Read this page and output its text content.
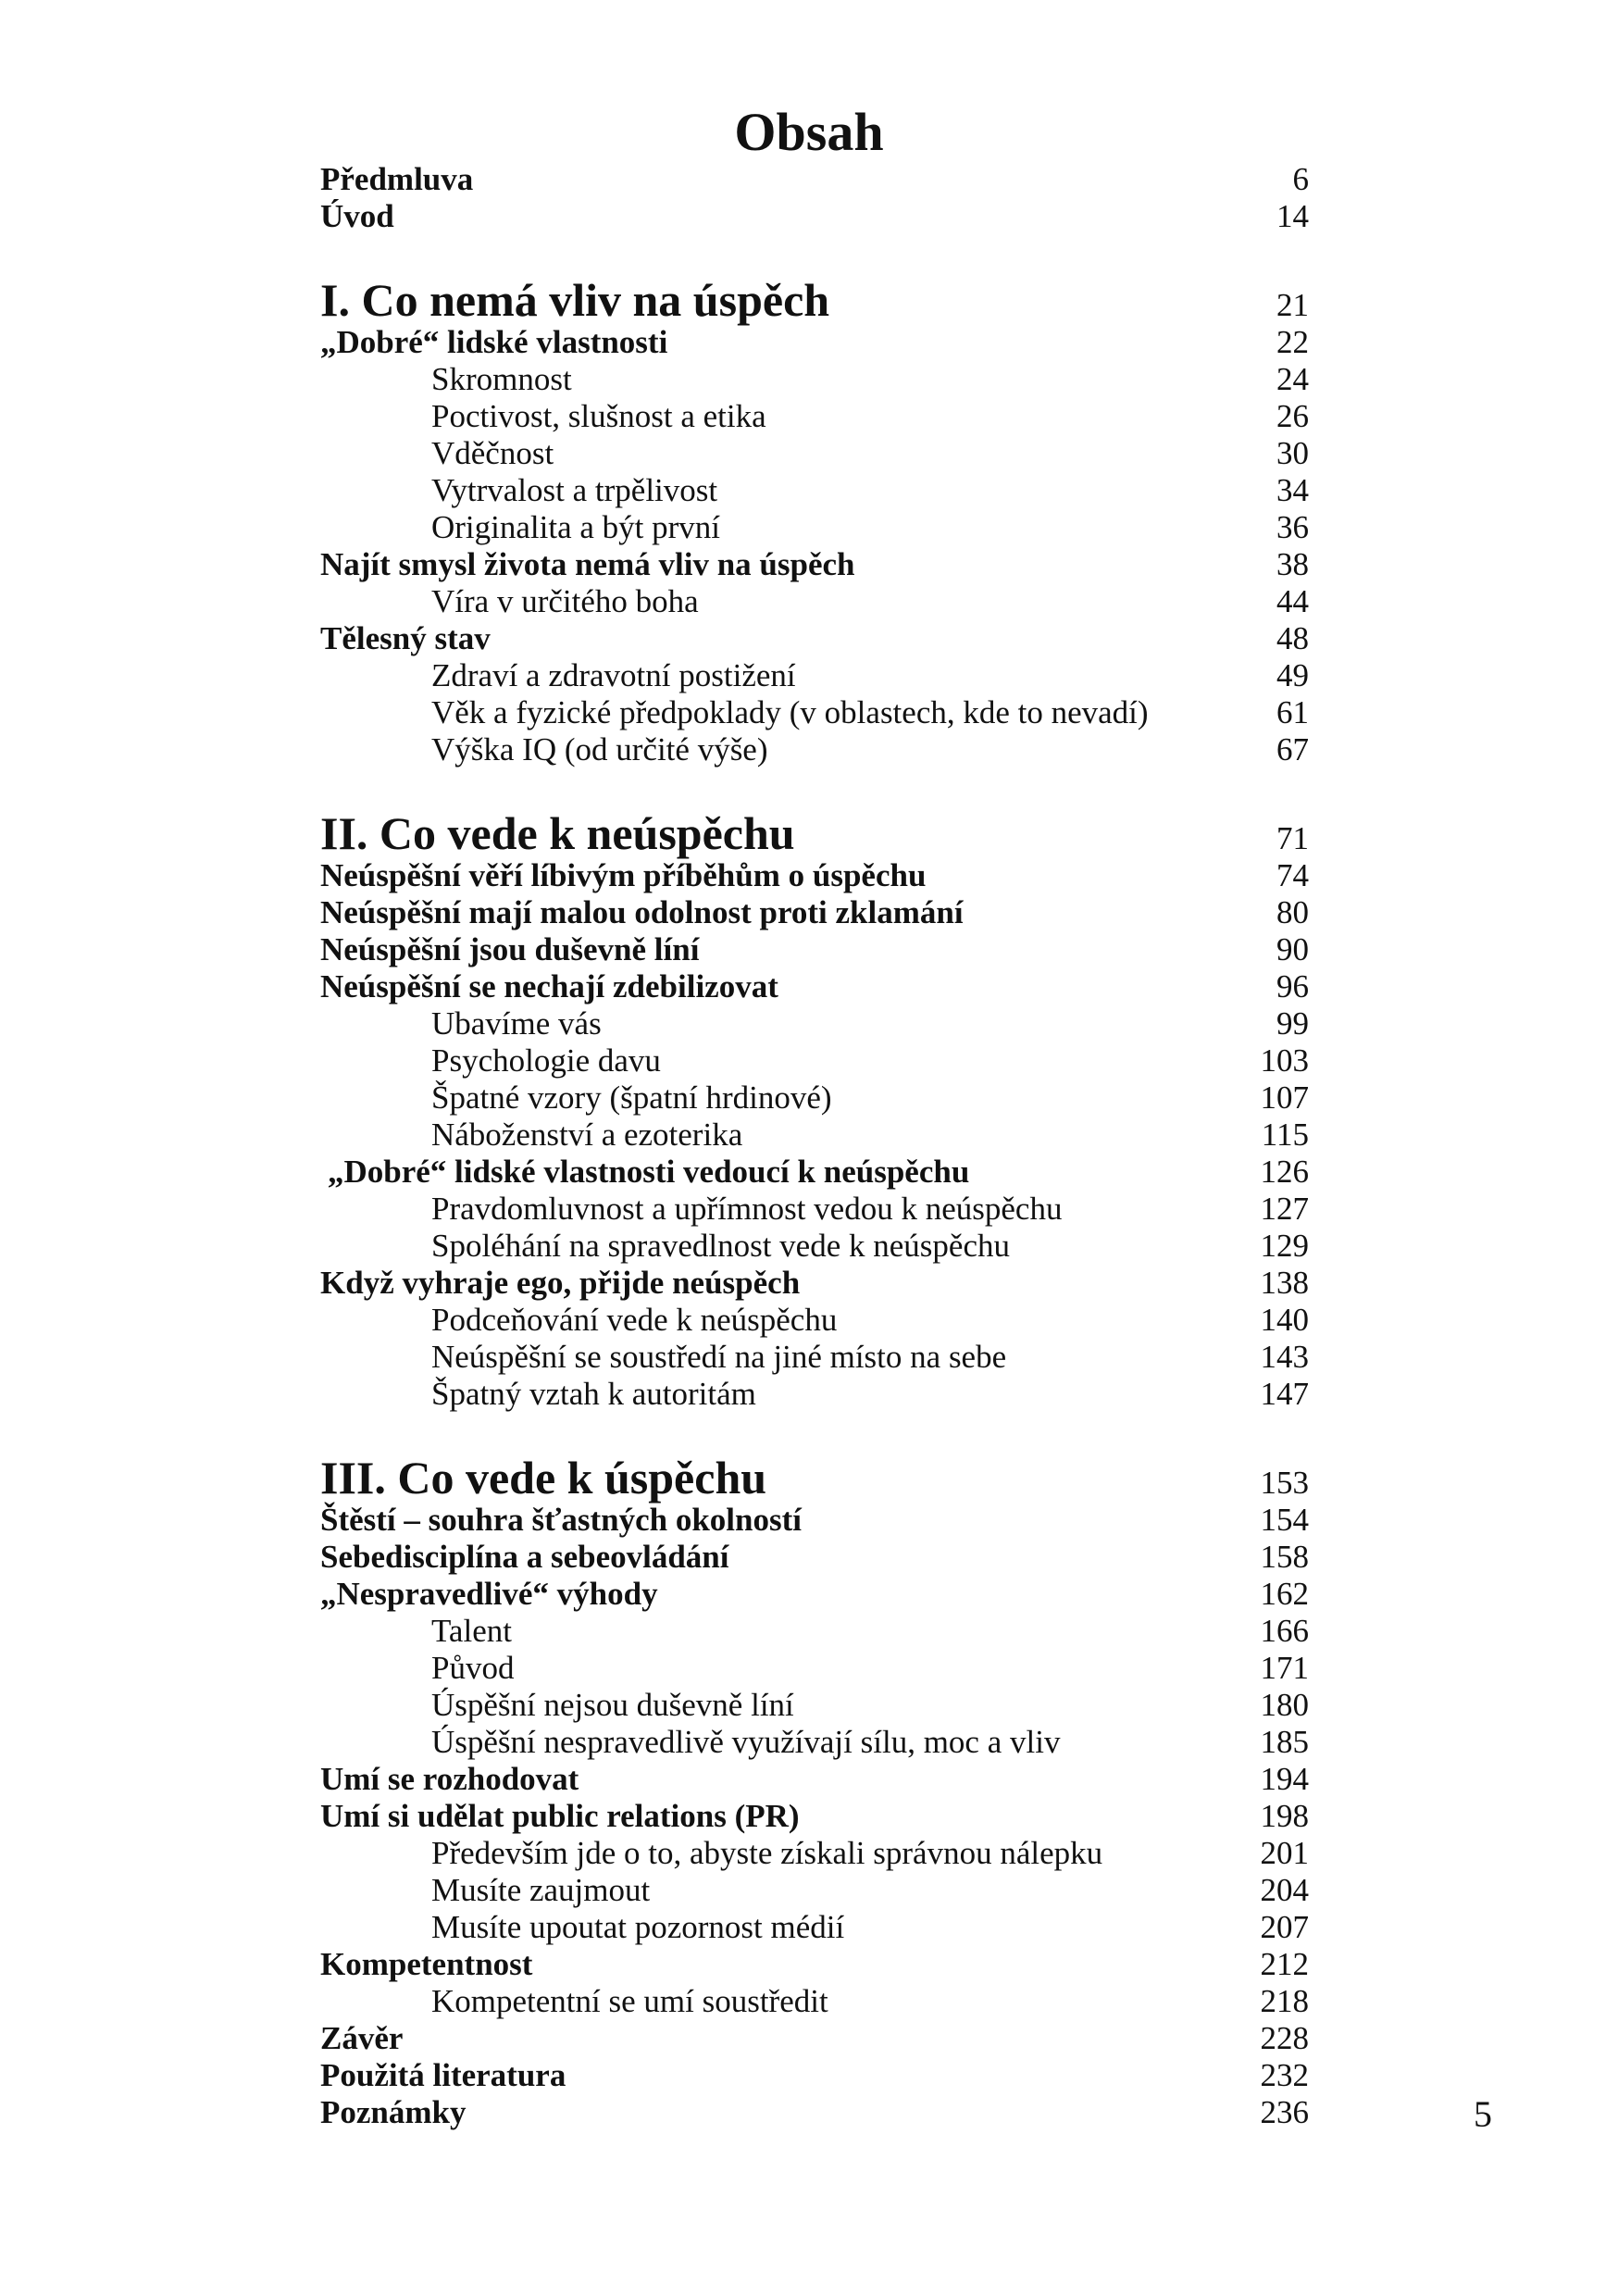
Obsah
Předmluva	6
Úvod	14
I. Co nemá vliv na úspěch	21
„Dobré“ lidské vlastnosti	22
Skromnost	24
Poctivost, slušnost a etika	26
Vděčnost	30
Vytrvalost a trpělivost	34
Originalita a být první	36
Najít smysl života nemá vliv na úspěch	38
Víra v určitého boha	44
Tělesný stav	48
Zdraví a zdravotní postižení	49
Věk a fyzické předpoklady (v oblastech, kde to nevadí)	61
Výška IQ (od určité výše)	67
II. Co vede k neúspěchu	71
Neúspěšní věří líbivým příběhům o úspěchu	74
Neúspěšní mají malou odolnost proti zklamání	80
Neúspěšní jsou duševně líní	90
Neúspěšní se nechají zdebilizovat	96
Ubavíme vás	99
Psychologie davu	103
Špatné vzory (špatní hrdinové)	107
Náboženství a ezoterika	115
„Dobré“ lidské vlastnosti vedoucí k neúspěchu	126
Pravdomluvnost a upřímnost vedou k neúspěchu	127
Spoléhání na spravedlnost vede k neúspěchu	129
Když vyhraje ego, přijde neúspěch	138
Podceňování vede k neúspěchu	140
Neúspěšní se soustředí na jiné místo na sebe	143
Špatný vztah k autoritám	147
III. Co vede k úspěchu	153
Štěstí – souhra šťastných okolností	154
Sebedisciplína a sebeovládání	158
„Nespravedlivé“ výhody	162
Talent	166
Původ	171
Úspěšní nejsou duševně líní	180
Úspěšní nespravedlivě využívají sílu, moc a vliv	185
Umí se rozhodovat	194
Umí si udělat public relations (PR)	198
Především jde o to, abyste získali správnou nálepku	201
Musíte zaujmout	204
Musíte upoutat pozornost médií	207
Kompetentnost	212
Kompetentní se umí soustředit	218
Závěr	228
Použitá literatura	232
Poznámky	236	5
